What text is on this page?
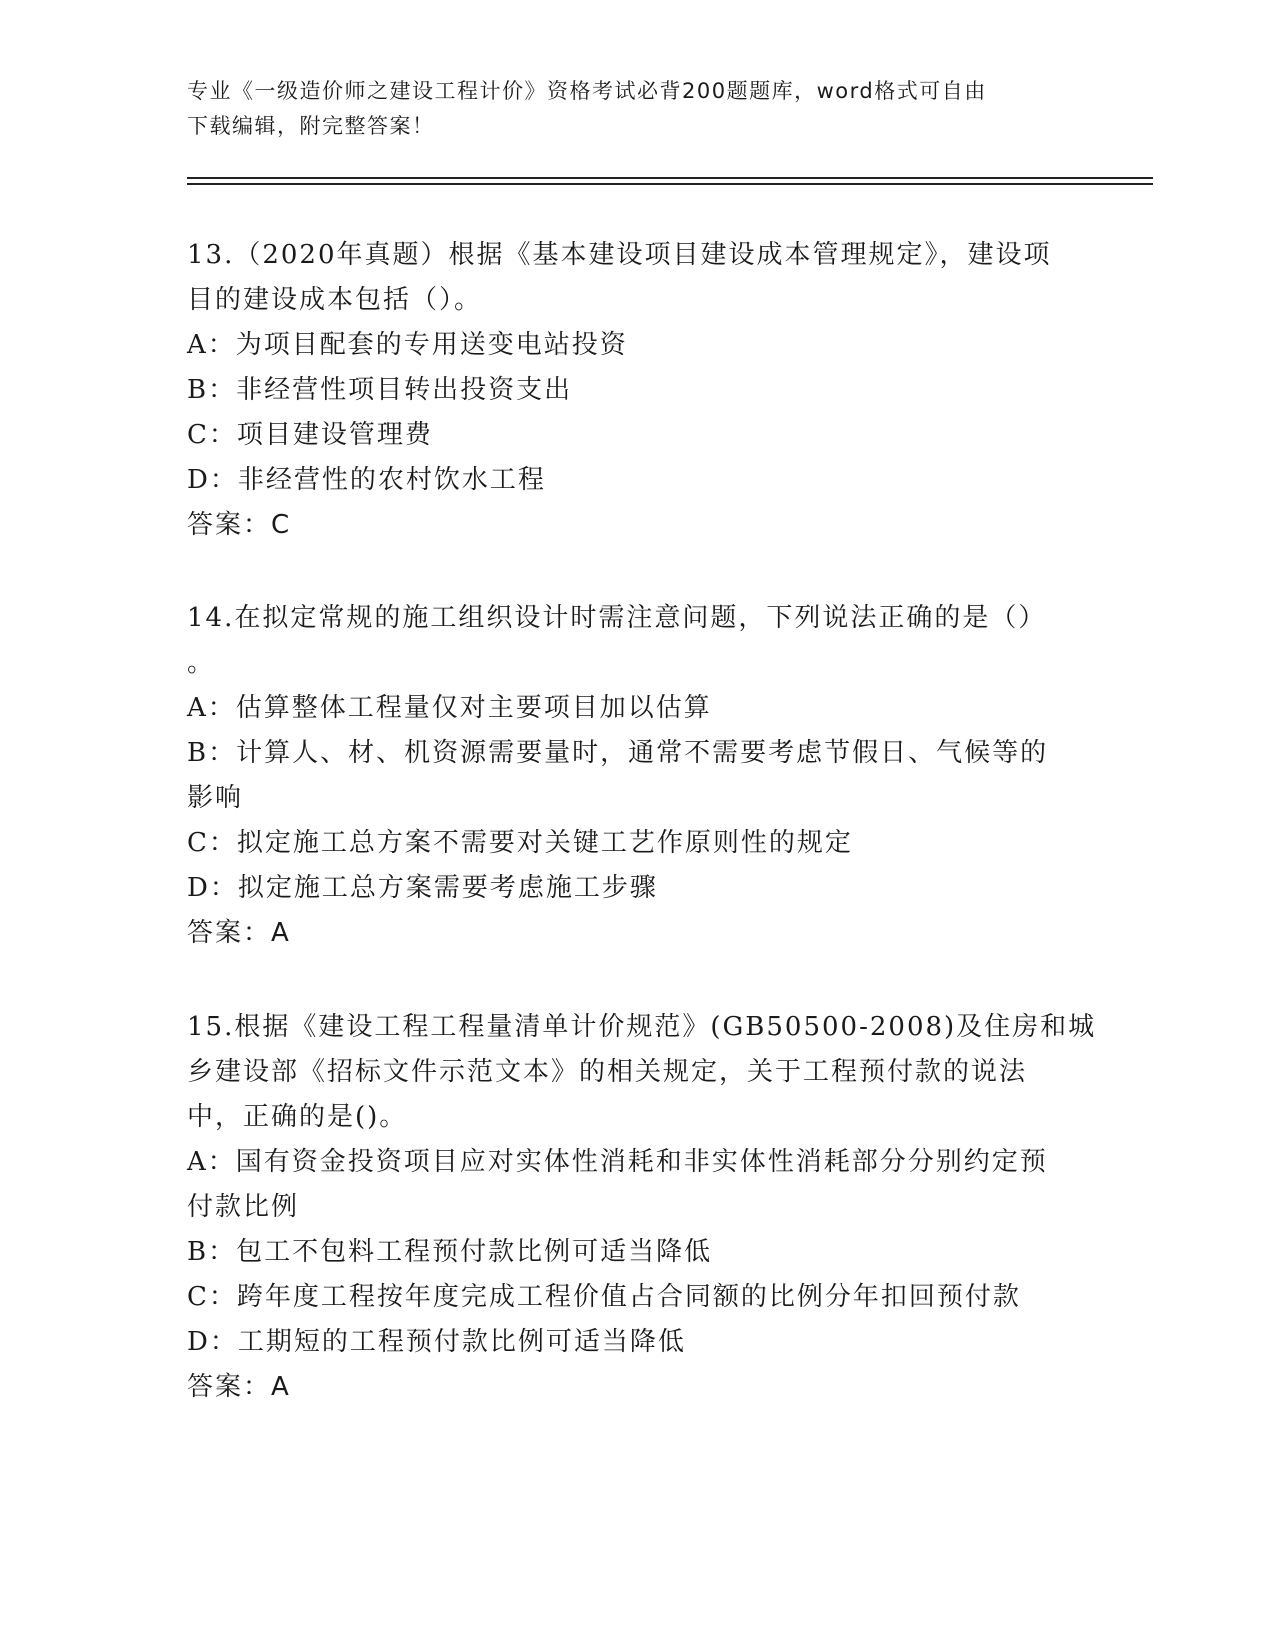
专业《一级造价师之建设工程计价》资格考试必背200题题库，word格式可自由
下载编辑，附完整答案！
13.（2020年真题）根据《基本建设项目建设成本管理规定》，建设项
目的建设成本包括（）。
A：为项目配套的专用送变电站投资
B：非经营性项目转出投资支出
C：项目建设管理费
D：非经营性的农村饮水工程
答案：C
14.在拟定常规的施工组织设计时需注意问题，下列说法正确的是（）
。
A：估算整体工程量仅对主要项目加以估算
B：计算人、材、机资源需要量时，通常不需要考虑节假日、气候等的
影响
C：拟定施工总方案不需要对关键工艺作原则性的规定
D：拟定施工总方案需要考虑施工步骤
答案：A
15.根据《建设工程工程量清单计价规范》(GB50500-2008)及住房和城
乡建设部《招标文件示范文本》的相关规定，关于工程预付款的说法
中，正确的是()。
A：国有资金投资项目应对实体性消耗和非实体性消耗部分分别约定预
付款比例
B：包工不包料工程预付款比例可适当降低
C：跨年度工程按年度完成工程价值占合同额的比例分年扣回预付款
D：工期短的工程预付款比例可适当降低
答案：A
